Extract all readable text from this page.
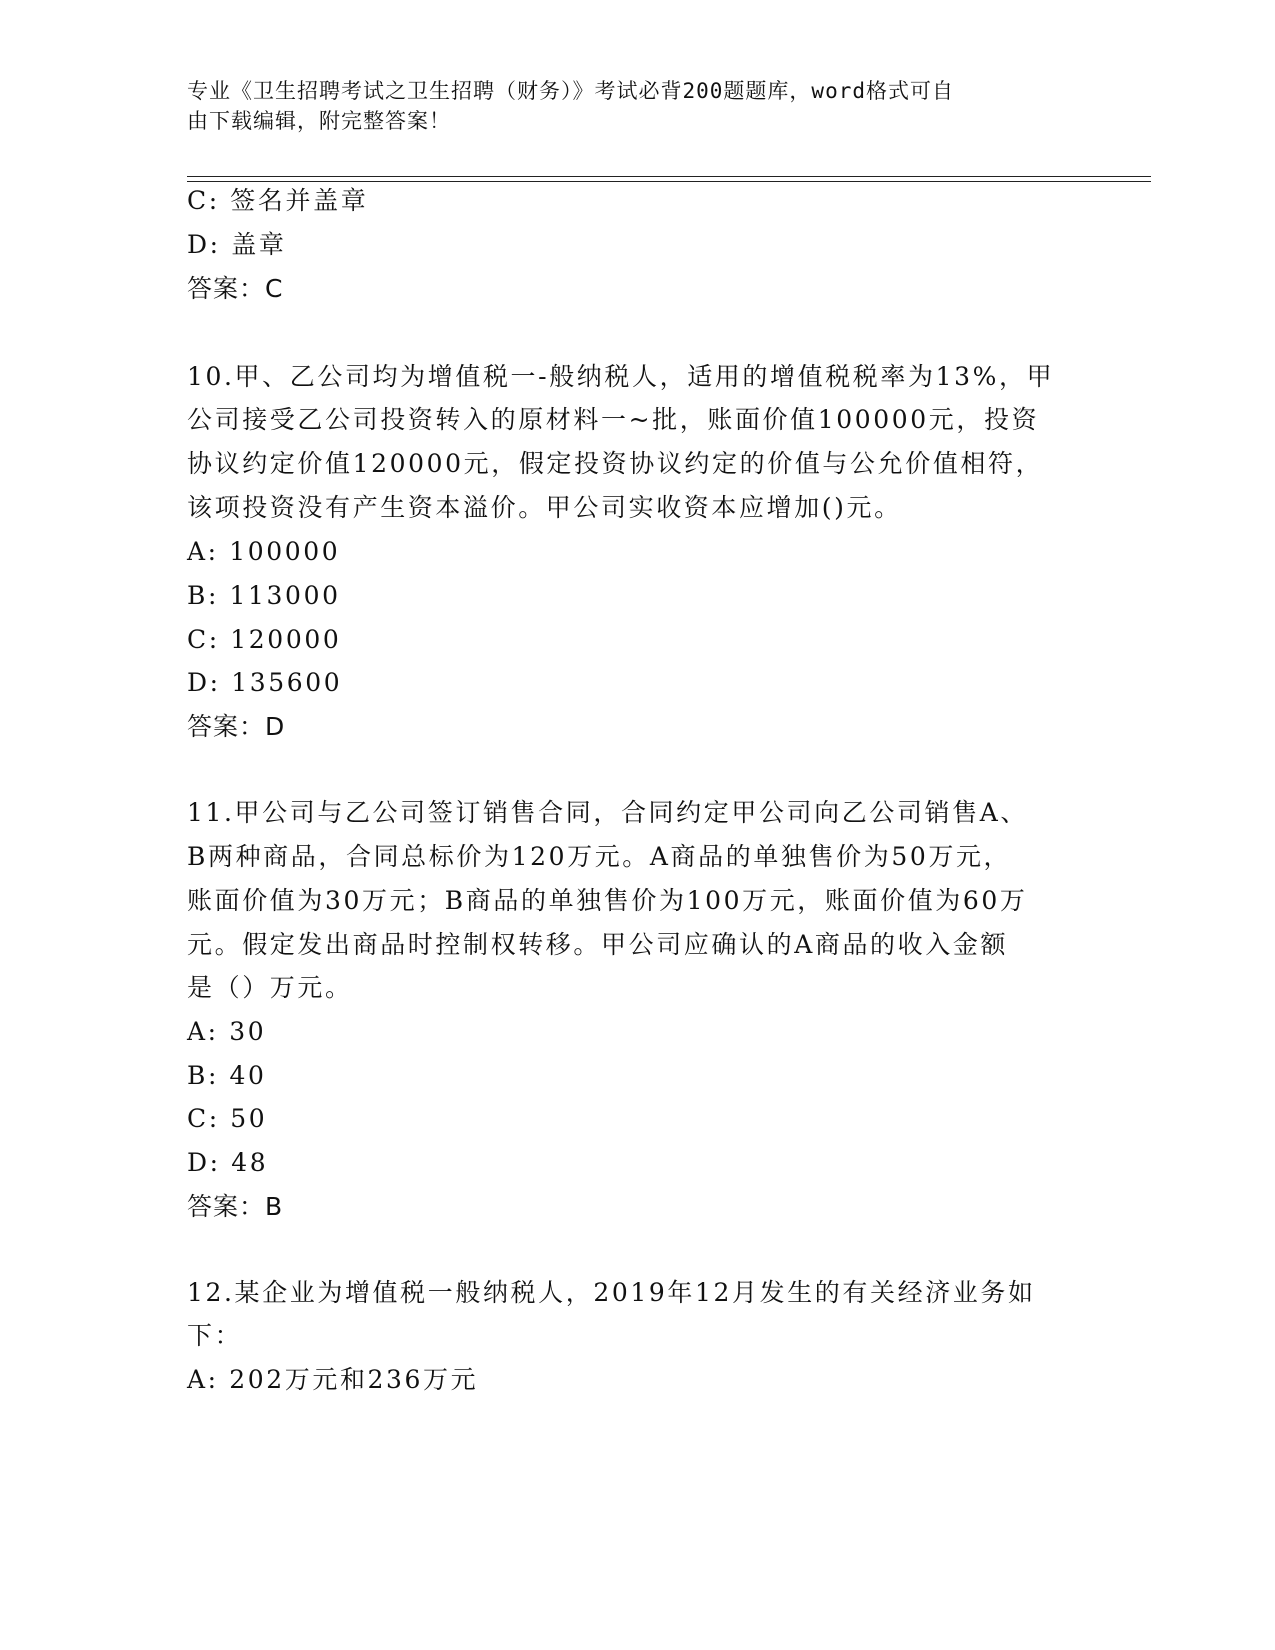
专业《卫生招聘考试之卫生招聘（财务）》考试必背200题题库，word格式可自
由下载编辑，附完整答案！
C: 签名并盖章
D: 盖章
答案：C
10.甲、乙公司均为增值税一-般纳税人，适用的增值税税率为13%，甲
公司接受乙公司投资转入的原材料一~批，账面价值100000元，投资
协议约定价值120000元，假定投资协议约定的价值与公允价值相符，
该项投资没有产生资本溢价。甲公司实收资本应增加()元。
A: 100000
B: 113000
C: 120000
D: 135600
答案：D
11.甲公司与乙公司签订销售合同，合同约定甲公司向乙公司销售A、
B两种商品，合同总标价为120万元。A商品的单独售价为50万元，
账面价值为30万元；B商品的单独售价为100万元，账面价值为60万
元。假定发出商品时控制权转移。甲公司应确认的A商品的收入金额
是（）万元。
A: 30
B: 40
C: 50
D: 48
答案：B
12.某企业为增值税一般纳税人，2019年12月发生的有关经济业务如
下：
A: 202万元和236万元
